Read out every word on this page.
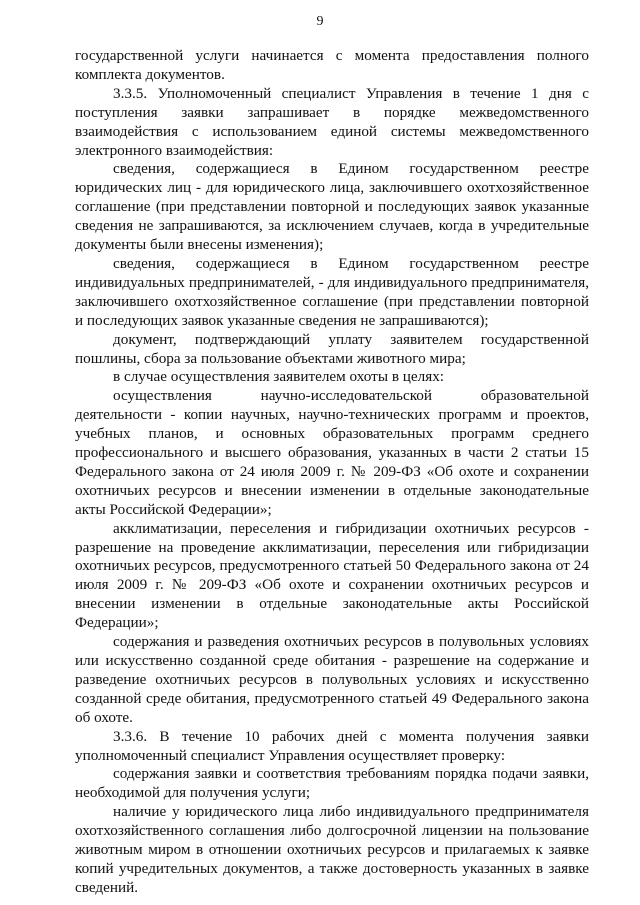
9

государственной услуги начинается с момента предоставления полного комплекта документов.

3.3.5. Уполномоченный специалист Управления в течение 1 дня с поступления заявки запрашивает в порядке межведомственного взаимодействия с использованием единой системы межведомственного электронного взаимодействия:

сведения, содержащиеся в Едином государственном реестре юридических лиц - для юридического лица, заключившего охотхозяйственное соглашение (при представлении повторной и последующих заявок указанные сведения не запрашиваются, за исключением случаев, когда в учредительные документы были внесены изменения);

сведения, содержащиеся в Едином государственном реестре индивидуальных предпринимателей, - для индивидуального предпринимателя, заключившего охотхозяйственное соглашение (при представлении повторной и последующих заявок указанные сведения не запрашиваются);

документ, подтверждающий уплату заявителем государственной пошлины, сбора за пользование объектами животного мира;

в случае осуществления заявителем охоты в целях:

осуществления научно-исследовательской образовательной деятельности - копии научных, научно-технических программ и проектов, учебных планов, и основных образовательных программ среднего профессионального и высшего образования, указанных в части 2 статьи 15 Федерального закона от 24 июля 2009 г. № 209-ФЗ «Об охоте и сохранении охотничьих ресурсов и внесении изменении в отдельные законодательные акты Российской Федерации»;

акклиматизации, переселения и гибридизации охотничьих ресурсов - разрешение на проведение акклиматизации, переселения или гибридизации охотничьих ресурсов, предусмотренного статьей 50 Федерального закона от 24 июля 2009 г. № 209-ФЗ «Об охоте и сохранении охотничьих ресурсов и внесении изменении в отдельные законодательные акты Российской Федерации»;

содержания и разведения охотничьих ресурсов в полувольных условиях или искусственно созданной среде обитания - разрешение на содержание и разведение охотничьих ресурсов в полувольных условиях и искусственно созданной среде обитания, предусмотренного статьей 49 Федерального закона об охоте.

3.3.6. В течение 10 рабочих дней с момента получения заявки уполномоченный специалист Управления осуществляет проверку:

содержания заявки и соответствия требованиям порядка подачи заявки, необходимой для получения услуги;

наличие у юридического лица либо индивидуального предпринимателя охотхозяйственного соглашения либо долгосрочной лицензии на пользование животным миром в отношении охотничьих ресурсов и прилагаемых к заявке копий учредительных документов, а также достоверность указанных в заявке сведений.
